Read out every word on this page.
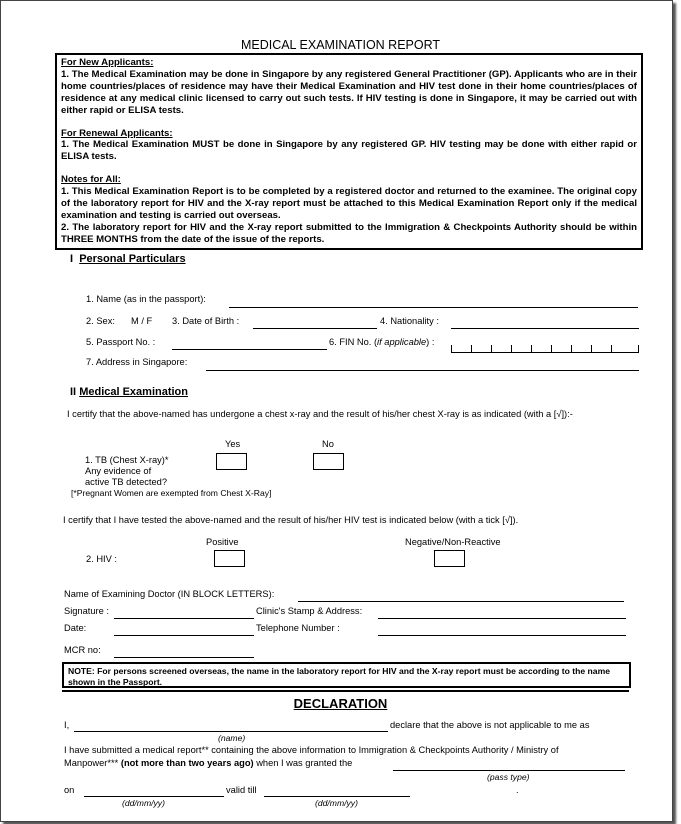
MEDICAL EXAMINATION REPORT

For New Applicants:
1. The Medical Examination may be done in Singapore by any registered General Practitioner (GP). Applicants who are in their home countries/places of residence may have their Medical Examination and HIV test done in their home countries/places of residence at any medical clinic licensed to carry out such tests. If HIV testing is done in Singapore, it may be carried out with either rapid or ELISA tests.

For Renewal Applicants:
1. The Medical Examination MUST be done in Singapore by any registered GP. HIV testing may be done with either rapid or ELISA tests.

Notes for All:
1. This Medical Examination Report is to be completed by a registered doctor and returned to the examinee. The original copy of the laboratory report for HIV and the X-ray report must be attached to this Medical Examination Report only if the medical examination and testing is carried out overseas.
2. The laboratory report for HIV and the X-ray report submitted to the Immigration & Checkpoints Authority should be within THREE MONTHS from the date of the issue of the reports.

I Personal Particulars
1. Name (as in the passport):
2. Sex: M / F 3. Date of Birth :	4. Nationality :
5. Passport No. :	6. FIN No. (if applicable) :
7. Address in Singapore:
II Medical Examination
I certify that the above-named has undergone a chest x-ray and the result of his/her chest X-ray is as indicated (with a [√]):-
Yes	No
1. TB (Chest X-ray)*
Any evidence of
active TB detected?
[*Pregnant Women are exempted from Chest X-Ray]
I certify that I have tested the above-named and the result of his/her HIV test is indicated below (with a tick [√]).
Positive	Negative/Non-Reactive
2. HIV :
Name of Examining Doctor (IN BLOCK LETTERS):
Signature :	Clinic's Stamp & Address:
Date:	Telephone Number :
MCR no:
NOTE: For persons screened overseas, the name in the laboratory report for HIV and the X-ray report must be according to the name shown in the Passport.
DECLARATION
I,	declare that the above is not applicable to me as
(name)
I have submitted a medical report** containing the above information to Immigration & Checkpoints Authority / Ministry of
Manpower*** (not more than two years ago) when I was granted the
(pass type)
on	valid till	.
(dd/mm/yy)	(dd/mm/yy)
